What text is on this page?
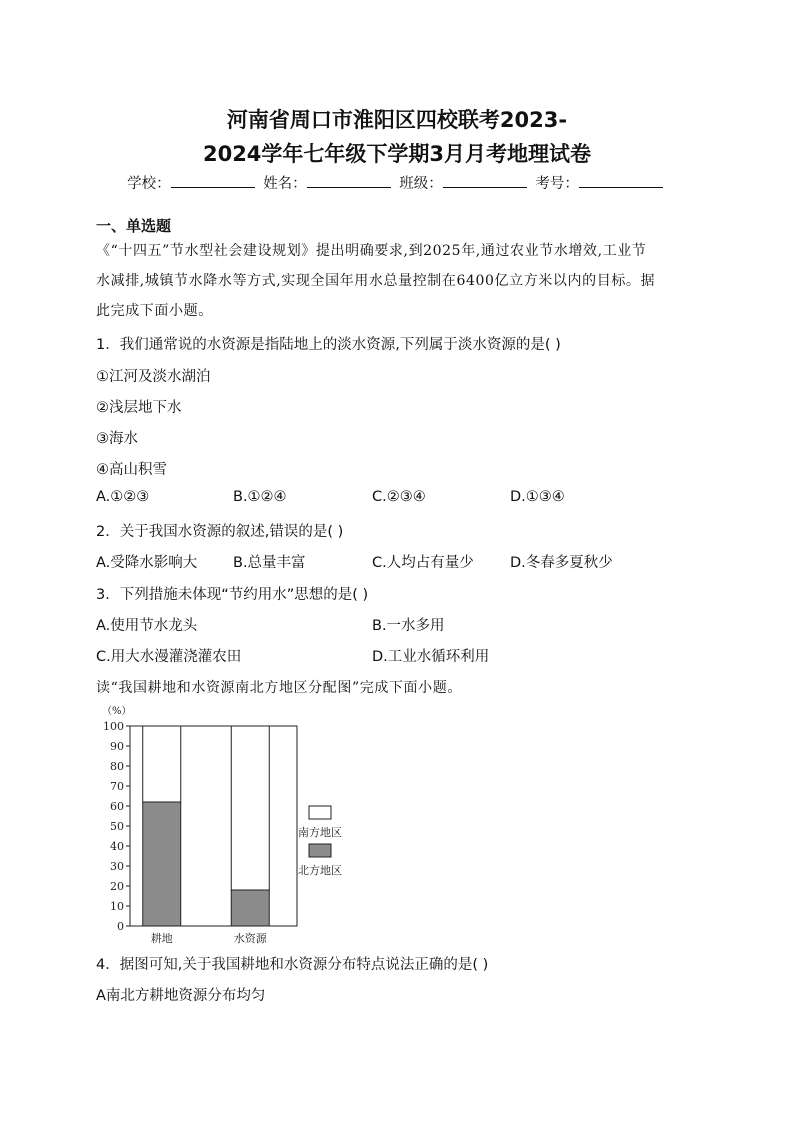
河南省周口市淮阳区四校联考2023-
2024学年七年级下学期3月月考地理试卷
学校：	姓名：	班级：	考号：
一、单选题
《“十四五”节水型社会建设规划》提出明确要求,到2025年,通过农业节水增效,工业节
水减排,城镇节水降水等方式,实现全国年用水总量控制在6400亿立方米以内的目标。据
此完成下面小题。
1．我们通常说的水资源是指陆地上的淡水资源,下列属于淡水资源的是( )
①江河及淡水湖泊
②浅层地下水
③海水
④高山积雪
A.①②③	B.①②④	C.②③④	D.①③④
2．关于我国水资源的叙述,错误的是( )
A.受降水影响大 B.总量丰富	C.人均占有量少	D.冬春多夏秋少
3．下列措施未体现“节约用水”思想的是( )
A.使用节水龙头	B.一水多用
C.用大水漫灌浇灌农田	D.工业水循环利用
读“我国耕地和水资源南北方地区分配图”完成下面小题。
（%）
0
10
20
30
40
50
60
70
80
90
100
耕地	水资源
南方地区
北方地区
4．据图可知,关于我国耕地和水资源分布特点说法正确的是( )
A南北方耕地资源分布均匀
